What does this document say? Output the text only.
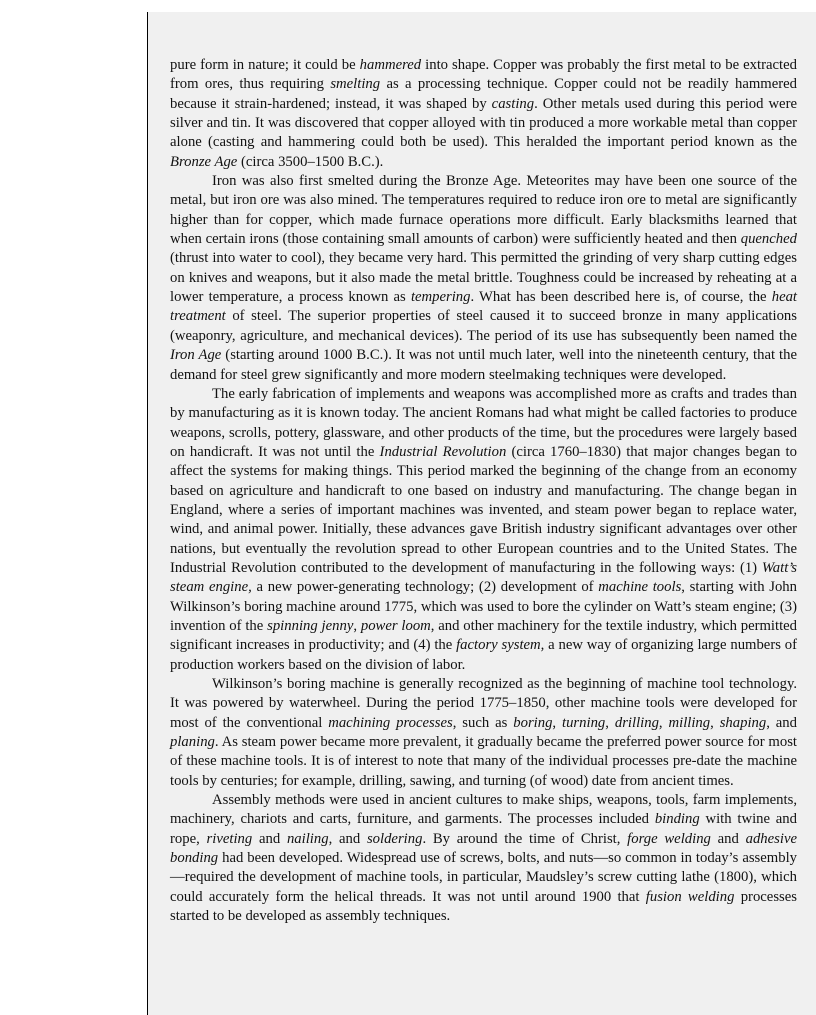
pure form in nature; it could be hammered into shape. Copper was probably the first metal to be extracted from ores, thus requiring smelting as a processing technique. Copper could not be readily hammered because it strain-hardened; instead, it was shaped by casting. Other metals used during this period were silver and tin. It was discovered that copper alloyed with tin produced a more workable metal than copper alone (casting and hammering could both be used). This heralded the important period known as the Bronze Age (circa 3500–1500 B.C.).

Iron was also first smelted during the Bronze Age. Meteorites may have been one source of the metal, but iron ore was also mined. The temperatures required to reduce iron ore to metal are significantly higher than for copper, which made furnace operations more difficult. Early blacksmiths learned that when certain irons (those containing small amounts of carbon) were sufficiently heated and then quenched (thrust into water to cool), they became very hard. This permitted the grinding of very sharp cutting edges on knives and weapons, but it also made the metal brittle. Toughness could be increased by reheating at a lower temperature, a process known as tempering. What has been described here is, of course, the heat treatment of steel. The superior properties of steel caused it to succeed bronze in many applications (weaponry, agriculture, and mechanical devices). The period of its use has subsequently been named the Iron Age (starting around 1000 B.C.). It was not until much later, well into the nineteenth century, that the demand for steel grew significantly and more modern steelmaking techniques were developed.

The early fabrication of implements and weapons was accomplished more as crafts and trades than by manufacturing as it is known today. The ancient Romans had what might be called factories to produce weapons, scrolls, pottery, glassware, and other products of the time, but the procedures were largely based on handicraft. It was not until the Industrial Revolution (circa 1760–1830) that major changes began to affect the systems for making things. This period marked the beginning of the change from an economy based on agriculture and handicraft to one based on industry and manufacturing. The change began in England, where a series of important machines was invented, and steam power began to replace water, wind, and animal power. Initially, these advances gave British industry significant advantages over other nations, but eventually the revolution spread to other European countries and to the United States. The Industrial Revolution contributed to the development of manufacturing in the following ways: (1) Watt’s steam engine, a new power-generating technology; (2) development of machine tools, starting with John Wilkinson’s boring machine around 1775, which was used to bore the cylinder on Watt’s steam engine; (3) invention of the spinning jenny, power loom, and other machinery for the textile industry, which permitted significant increases in productivity; and (4) the factory system, a new way of organizing large numbers of production workers based on the division of labor.

Wilkinson’s boring machine is generally recognized as the beginning of machine tool technology. It was powered by waterwheel. During the period 1775–1850, other machine tools were developed for most of the conventional machining processes, such as boring, turning, drilling, milling, shaping, and planing. As steam power became more prevalent, it gradually became the preferred power source for most of these machine tools. It is of interest to note that many of the individual processes pre-date the machine tools by centuries; for example, drilling, sawing, and turning (of wood) date from ancient times.

Assembly methods were used in ancient cultures to make ships, weapons, tools, farm implements, machinery, chariots and carts, furniture, and garments. The processes included binding with twine and rope, riveting and nailing, and soldering. By around the time of Christ, forge welding and adhesive bonding had been developed. Widespread use of screws, bolts, and nuts—so common in today’s assembly—required the development of machine tools, in particular, Maudsley’s screw cutting lathe (1800), which could accurately form the helical threads. It was not until around 1900 that fusion welding processes started to be developed as assembly techniques.
